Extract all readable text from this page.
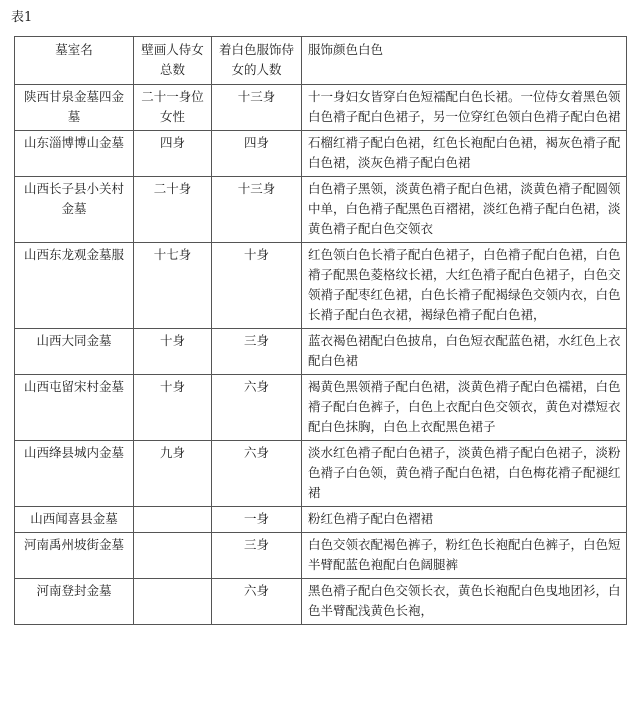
表1
墓室名	壁画人侍女总数	着白色服饰侍女的人数	服饰颜色白色
陕西甘泉金墓四金墓	二十一身位女性	十三身	十一身妇女皆穿白色短襦配白色长裙。一位侍女着黑色领白色褙子配白色裙子，另一位穿红色领白色褙子配白色裙
山东淄博博山金墓	四身	四身	石榴红褙子配白色裙，红色长袍配白色裙，褐灰色褙子配白色裙，淡灰色褙子配白色裙
山西长子县小关村金墓	二十身	十三身	白色褙子黑领，淡黄色褙子配白色裙，淡黄色褙子配圆领中单，白色褙子配黑色百褶裙，淡红色褙子配白色裙，淡黄色褙子配白色交领衣
山西东龙观金墓服	十七身	十身	红色领白色长褙子配白色裙子，白色褙子配白色裙，白色褙子配黑色菱格纹长裙，大红色褙子配白色裙子，白色交领褙子配枣红色裙，白色长褙子配褐绿色交领内衣，白色长褙子配白色衣裙，褐绿色褙子配白色裙，
山西大同金墓	十身	三身	蓝衣褐色裙配白色披帛，白色短衣配蓝色裙，水红色上衣配白色裙
山西屯留宋村金墓	十身	六身	褐黄色黑领褙子配白色裙，淡黄色褙子配白色襦裙，白色褙子配白色裤子，白色上衣配白色交领衣，黄色对襟短衣配白色抹胸，白色上衣配黑色裙子
山西绛县城内金墓	九身	六身	淡水红色褙子配白色裙子，淡黄色褙子配白色裙子，淡粉色褙子白色领，黄色褙子配白色裙，白色梅花褙子配褪红裙
山西闻喜县金墓		一身	粉红色褙子配白色褶裙
河南禹州坡街金墓		三身	白色交领衣配褐色裤子，粉红色长袍配白色裤子，白色短半臂配蓝色袍配白色阔腿裤
河南登封金墓		六身	黑色褙子配白色交领长衣，黄色长袍配白色曳地团衫，白色半臂配浅黄色长袍，
